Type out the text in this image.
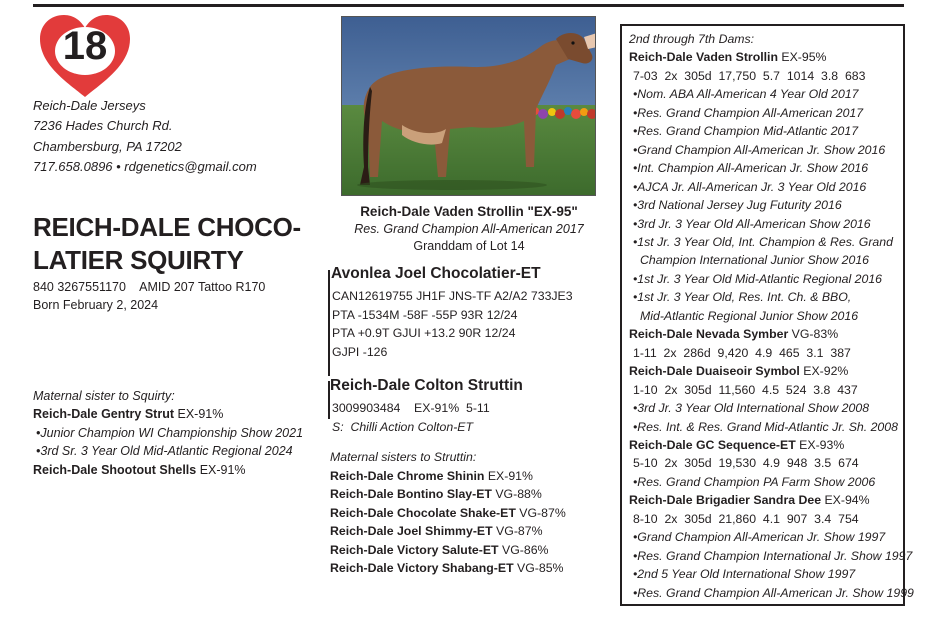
18
Reich-Dale Jerseys
7236 Hades Church Rd.
Chambersburg, PA 17202
717.658.0896 • rdgenetics@gmail.com
REICH-DALE CHOCO-
LATIER SQUIRTY
840 3267551170    AMID 207 Tattoo R170
Born February 2, 2024
Maternal sister to Squirty:
Reich-Dale Gentry Strut EX-91%
•Junior Champion WI Championship Show 2021
•3rd Sr. 3 Year Old Mid-Atlantic Regional 2024
Reich-Dale Shootout Shells EX-91%
Reich-Dale Vaden Strollin "EX-95"
Res. Grand Champion All-American 2017
Granddam of Lot 14
Avonlea Joel Chocolatier-ET
CAN12619755 JH1F JNS-TF A2/A2 733JE3
PTA -1534M -58F -55P 93R 12/24
PTA +0.9T GJUI +13.2 90R 12/24
GJPI -126
Reich-Dale Colton Struttin
3009903484    EX-91%  5-11
S:  Chilli Action Colton-ET
Maternal sisters to Struttin:
Reich-Dale Chrome Shinin EX-91%
Reich-Dale Bontino Slay-ET VG-88%
Reich-Dale Chocolate Shake-ET VG-87%
Reich-Dale Joel Shimmy-ET VG-87%
Reich-Dale Victory Salute-ET VG-86%
Reich-Dale Victory Shabang-ET VG-85%
2nd through 7th Dams:
Reich-Dale Vaden Strollin EX-95%
7-03  2x  305d  17,750  5.7  1014  3.8  683
•Nom. ABA All-American 4 Year Old 2017
•Res. Grand Champion All-American 2017
•Res. Grand Champion Mid-Atlantic 2017
•Grand Champion All-American Jr. Show 2016
•Int. Champion All-American Jr. Show 2016
•AJCA Jr. All-American Jr. 3 Year Old 2016
•3rd National Jersey Jug Futurity 2016
•3rd Jr. 3 Year Old All-American Show 2016
•1st Jr. 3 Year Old, Int. Champion & Res. Grand
Champion International Junior Show 2016
•1st Jr. 3 Year Old Mid-Atlantic Regional 2016
•1st Jr. 3 Year Old, Res. Int. Ch. & BBO,
Mid-Atlantic Regional Junior Show 2016
Reich-Dale Nevada Symber VG-83%
1-11  2x  286d  9,420  4.9  465  3.1  387
Reich-Dale Duaiseoir Symbol EX-92%
1-10  2x  305d  11,560  4.5  524  3.8  437
•3rd Jr. 3 Year Old International Show 2008
•Res. Int. & Res. Grand Mid-Atlantic Jr. Sh. 2008
Reich-Dale GC Sequence-ET EX-93%
5-10  2x  305d  19,530  4.9  948  3.5  674
•Res. Grand Champion PA Farm Show 2006
Reich-Dale Brigadier Sandra Dee EX-94%
8-10  2x  305d  21,860  4.1  907  3.4  754
•Grand Champion All-American Jr. Show 1997
•Res. Grand Champion International Jr. Show 1997
•2nd 5 Year Old International Show 1997
•Res. Grand Champion All-American Jr. Show 1999
